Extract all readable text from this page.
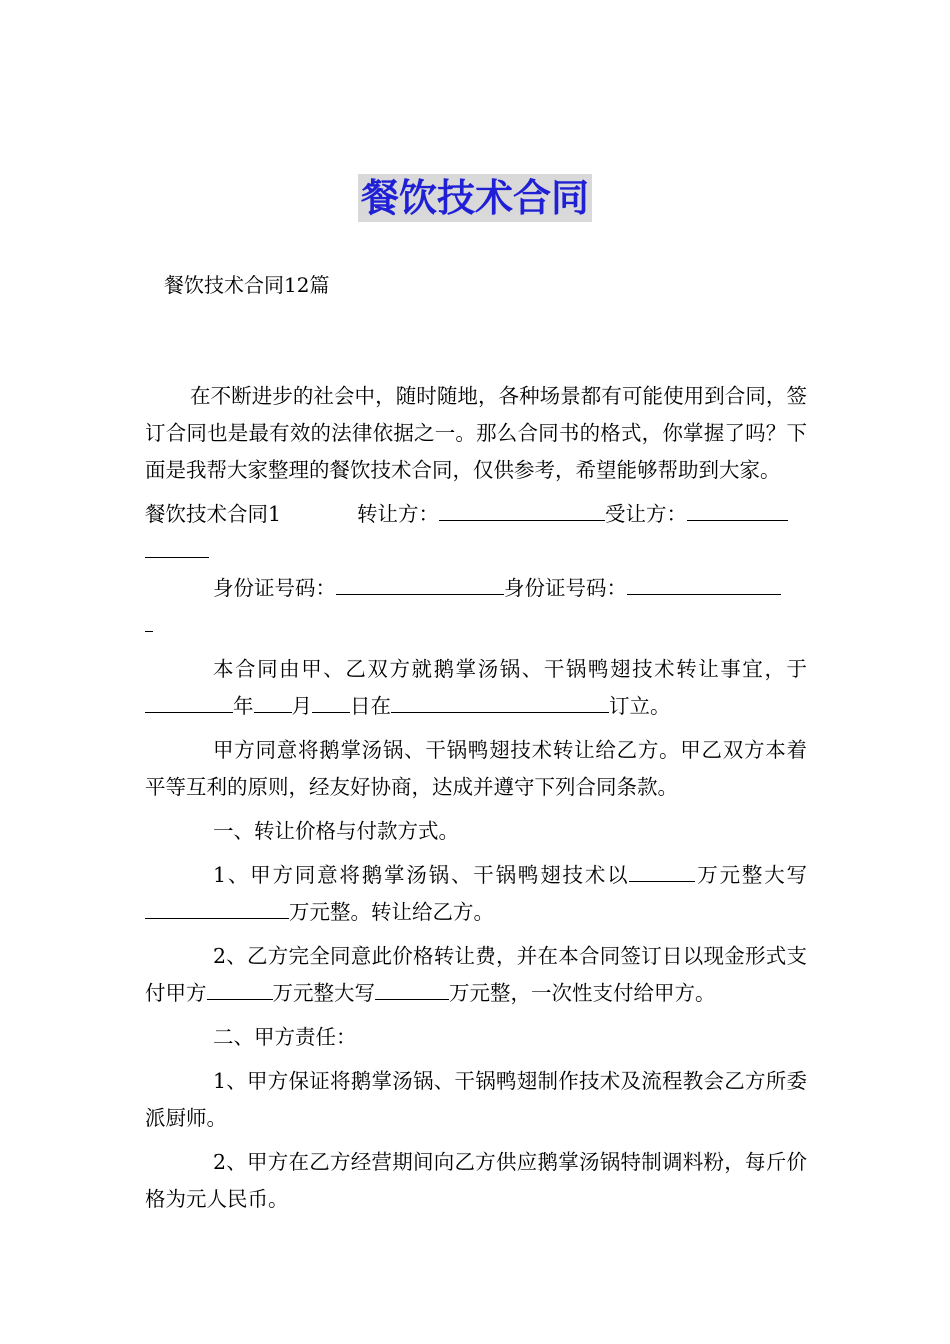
餐饮技术合同
餐饮技术合同12篇

在不断进步的社会中，随时随地，各种场景都有可能使用到合同，签订合同也是最有效的法律依据之一。那么合同书的格式，你掌握了吗？下面是我帮大家整理的餐饮技术合同，仅供参考，希望能够帮助到大家。

餐饮技术合同1	转让方：	受让方：

身份证号码：	身份证号码：

本合同由甲、乙双方就鹅掌汤锅、干锅鸭翅技术转让事宜，于年 月 日在	订立。

甲方同意将鹅掌汤锅、干锅鸭翅技术转让给乙方。甲乙双方本着平等互利的原则，经友好协商，达成并遵守下列合同条款。

一、转让价格与付款方式。

1、甲方同意将鹅掌汤锅、干锅鸭翅技术以	万元整大写万元整。转让给乙方。

2、乙方完全同意此价格转让费，并在本合同签订日以现金形式支付甲方	万元整大写	万元整，一次性支付给甲方。

二、甲方责任：

1、甲方保证将鹅掌汤锅、干锅鸭翅制作技术及流程教会乙方所委派厨师。

2、甲方在乙方经营期间向乙方供应鹅掌汤锅特制调料粉，每斤价格为元人民币。
